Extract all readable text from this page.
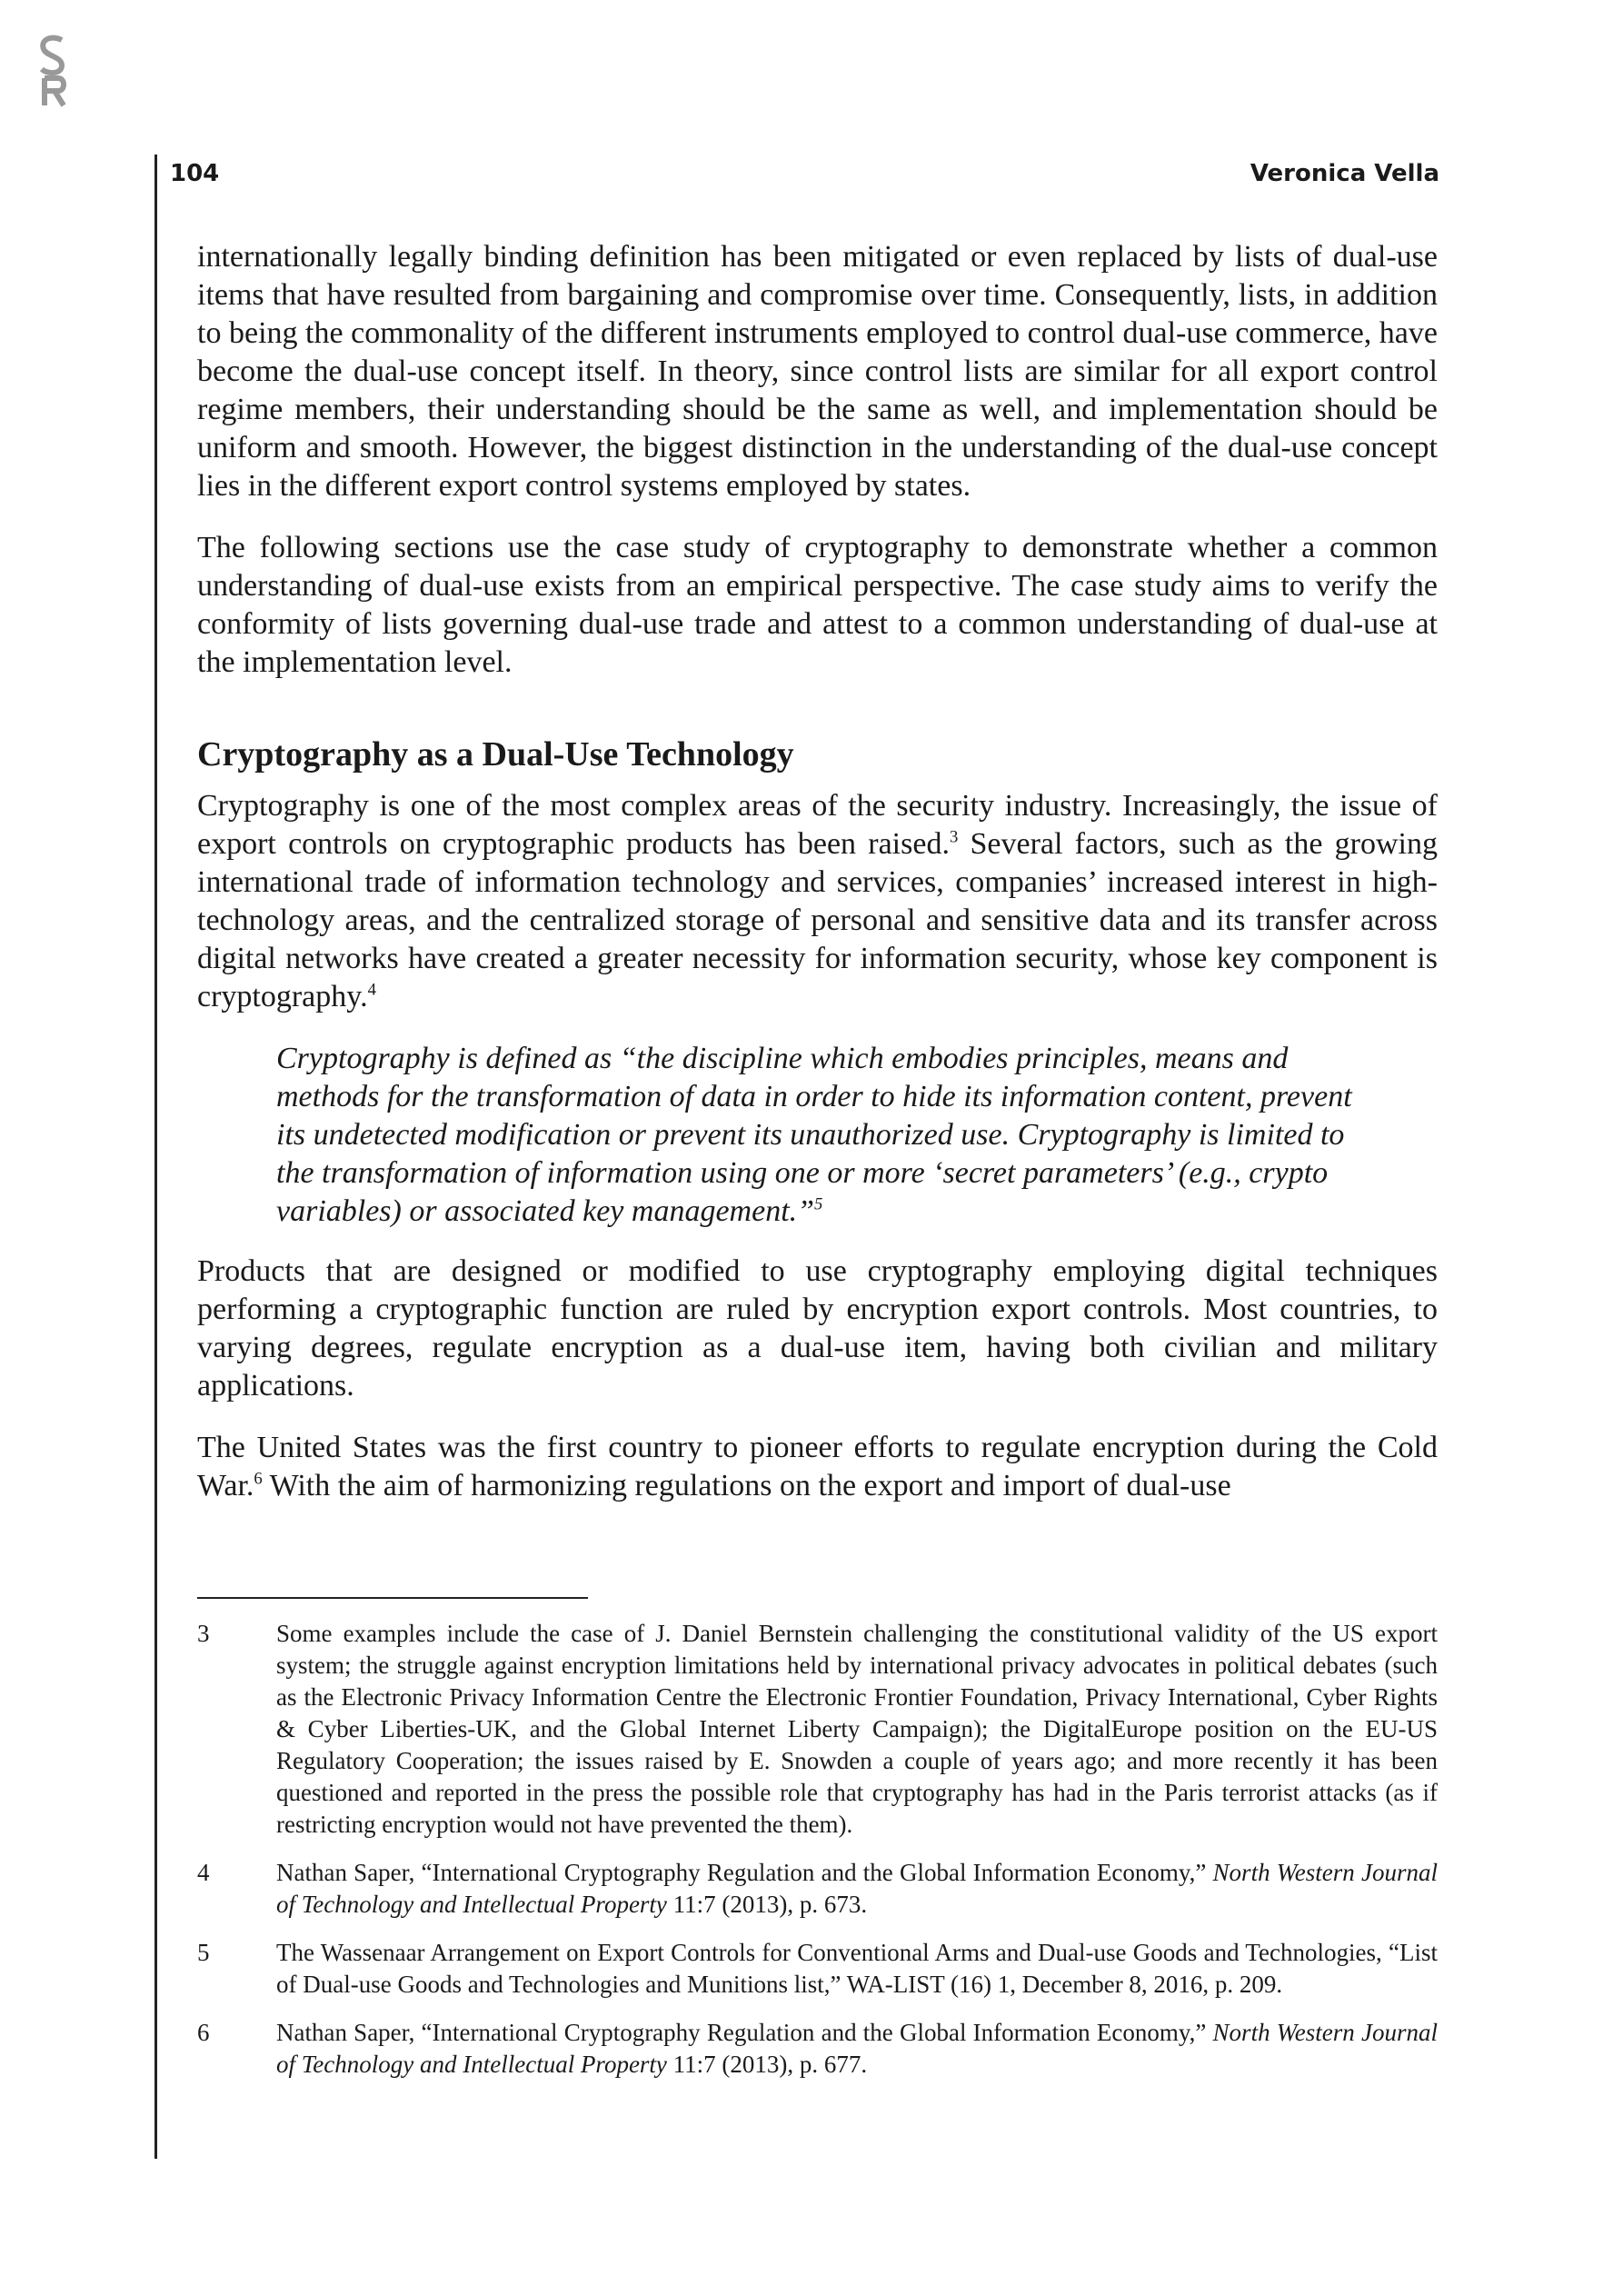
104	Veronica Vella

internationally legally binding definition has been mitigated or even replaced by lists of dual-use items that have resulted from bargaining and compromise over time. Consequently, lists, in addition to being the commonality of the different instruments employed to control dual-use commerce, have become the dual-use concept itself. In theory, since control lists are similar for all export control regime members, their understanding should be the same as well, and implementation should be uniform and smooth. However, the biggest distinction in the understanding of the dual-use concept lies in the different export control systems employed by states.

The following sections use the case study of cryptography to demonstrate whether a common understanding of dual-use exists from an empirical perspective. The case study aims to verify the conformity of lists governing dual-use trade and attest to a common understanding of dual-use at the implementation level.

Cryptography as a Dual-Use Technology

Cryptography is one of the most complex areas of the security industry. Increasingly, the issue of export controls on cryptographic products has been raised.$^3$ Several factors, such as the growing international trade of information technology and services, companies’ increased interest in high-technology areas, and the centralized storage of personal and sensitive data and its transfer across digital networks have created a greater necessity for information security, whose key component is cryptography.$^4$

Cryptography is defined as “the discipline which embodies principles, means and methods for the transformation of data in order to hide its information content, prevent its undetected modification or prevent its unauthorized use. Cryptography is limited to the transformation of information using one or more ‘secret parameters’ (e.g., crypto variables) or associated key management.”$^5$

Products that are designed or modified to use cryptography employing digital techniques performing a cryptographic function are ruled by encryption export controls. Most countries, to varying degrees, regulate encryption as a dual-use item, having both civilian and military applications.

The United States was the first country to pioneer efforts to regulate encryption during the Cold War.$^6$ With the aim of harmonizing regulations on the export and import of dual-use

3	Some examples include the case of J. Daniel Bernstein challenging the constitutional validity of the US export system; the struggle against encryption limitations held by international privacy advocates in political debates (such as the Electronic Privacy Information Centre the Electronic Frontier Foundation, Privacy International, Cyber Rights & Cyber Liberties-UK, and the Global Internet Liberty Campaign); the DigitalEurope position on the EU-US Regulatory Cooperation; the issues raised by E. Snowden a couple of years ago; and more recently it has been questioned and reported in the press the possible role that cryptography has had in the Paris terrorist attacks (as if restricting encryption would not have prevented the them).
4	Nathan Saper, “International Cryptography Regulation and the Global Information Economy,” North Western Journal of Technology and Intellectual Property 11:7 (2013), p. 673.
5	The Wassenaar Arrangement on Export Controls for Conventional Arms and Dual-use Goods and Technologies, “List of Dual-use Goods and Technologies and Munitions list,” WA-LIST (16) 1, December 8, 2016, p. 209.
6	Nathan Saper, “International Cryptography Regulation and the Global Information Economy,” North Western Journal of Technology and Intellectual Property 11:7 (2013), p. 677.
